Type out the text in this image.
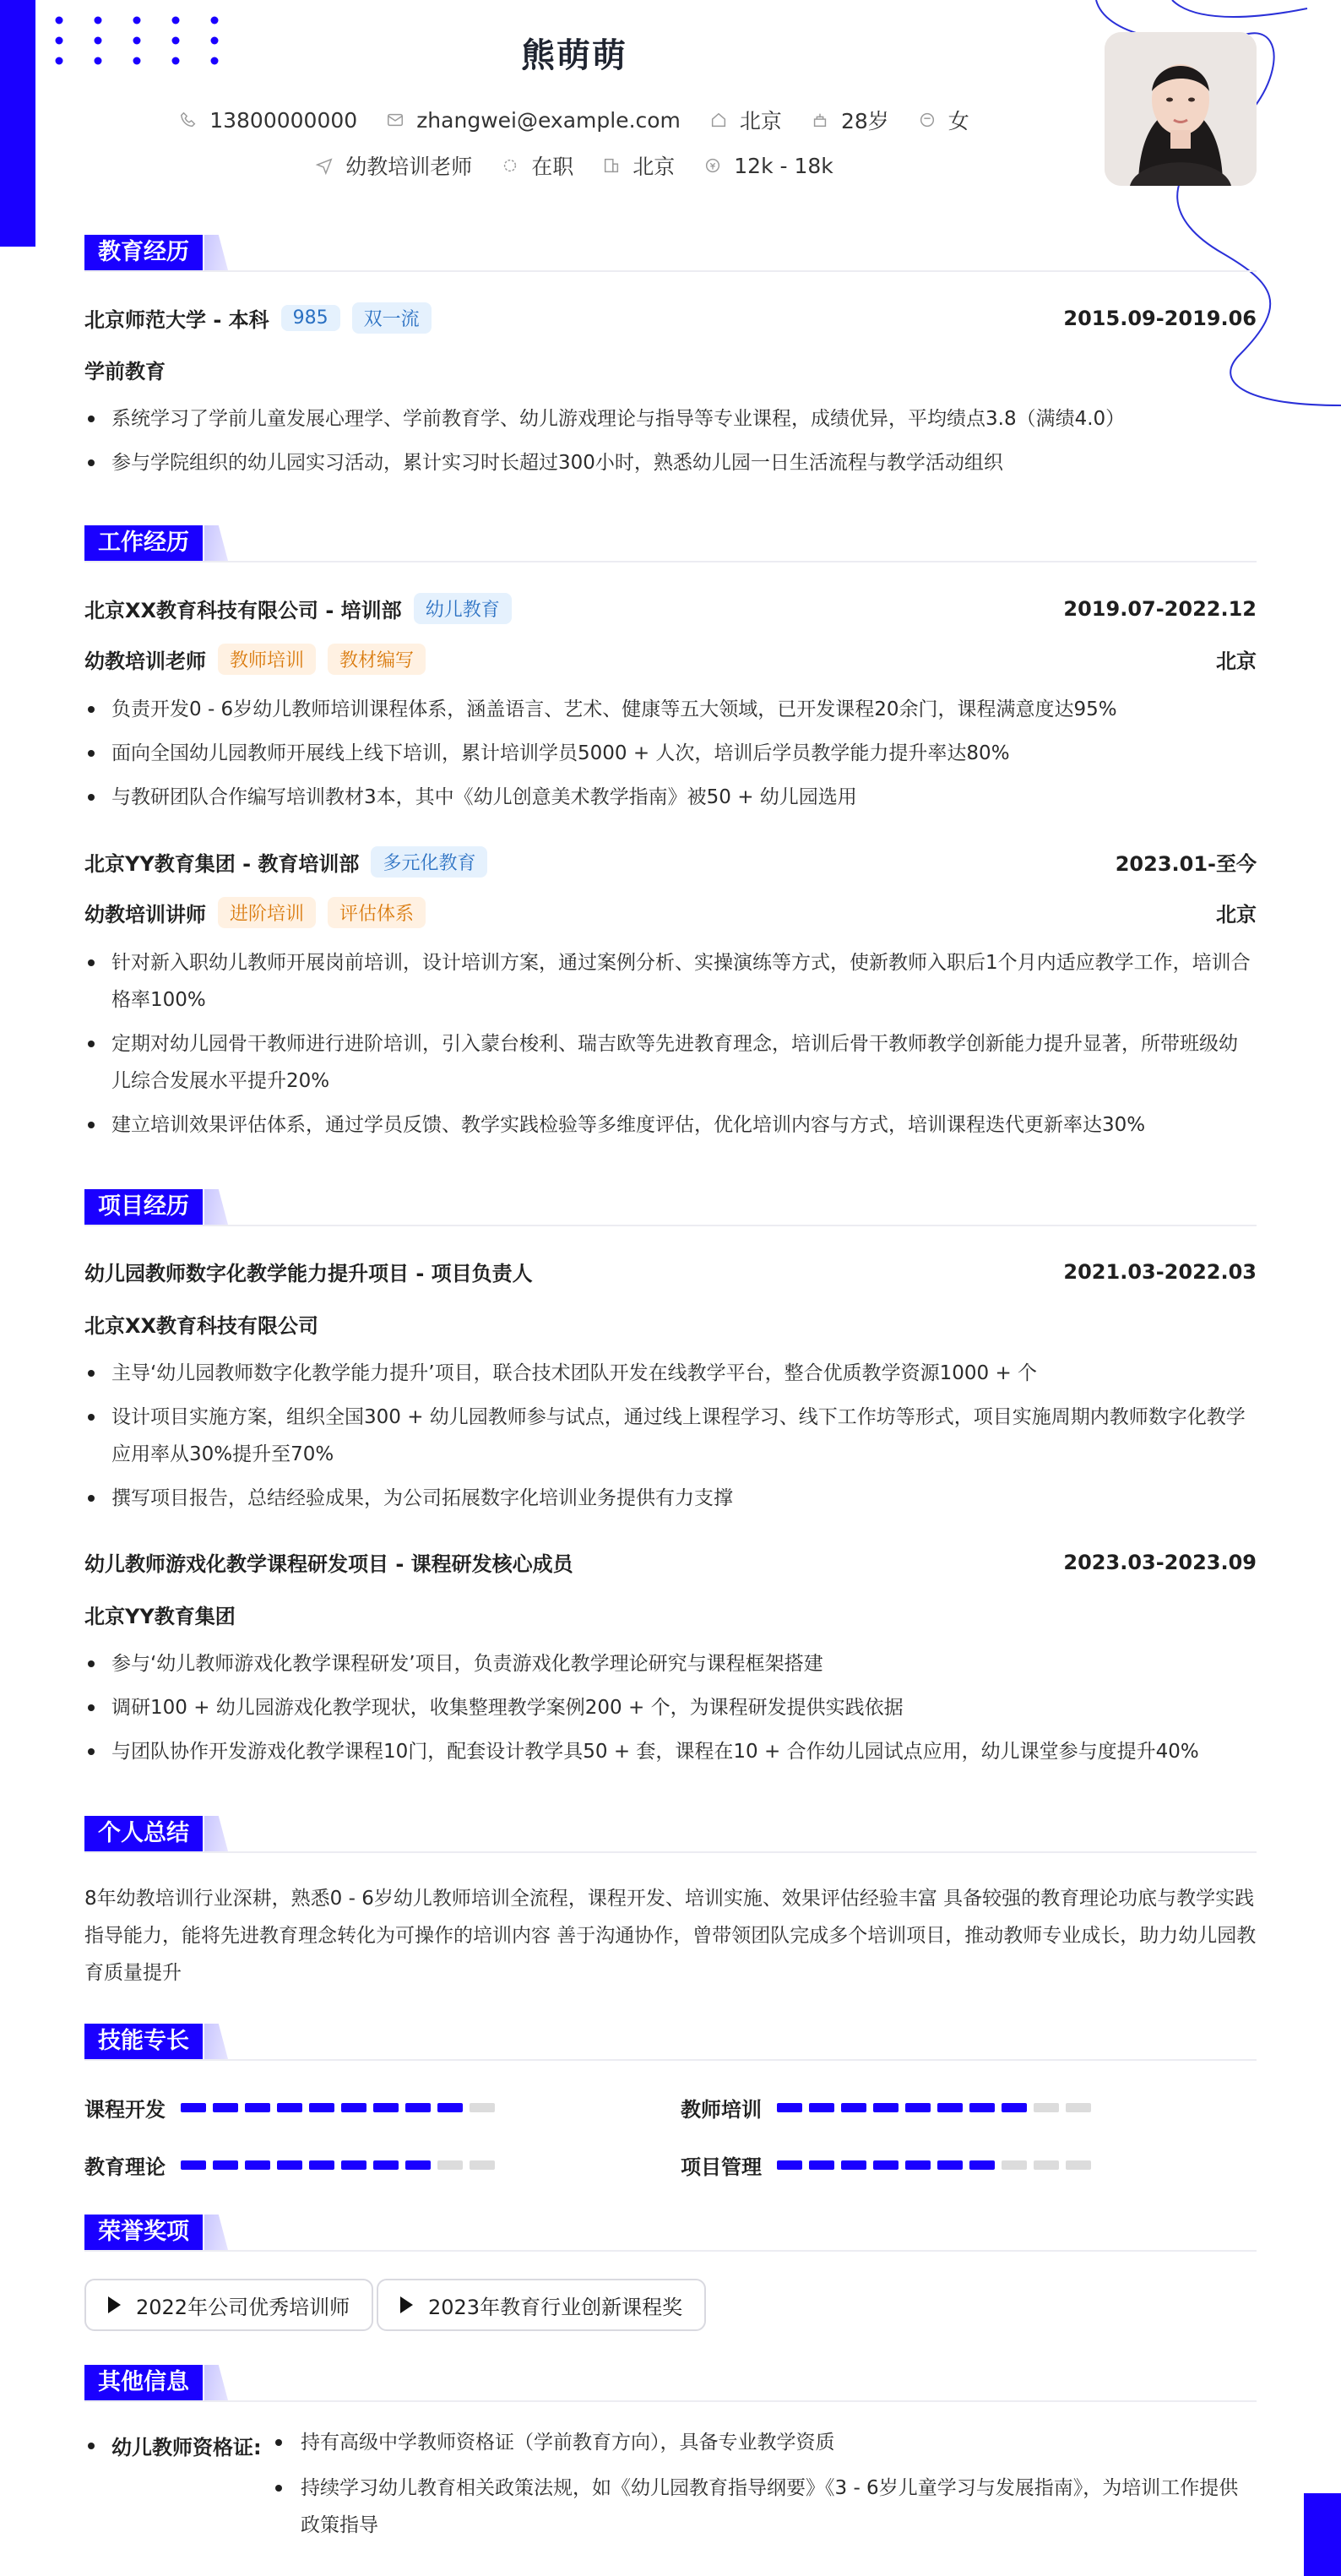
熊萌萌
13800000000	zhangwei@example.com	北京	28岁	女
幼教培训老师	在职	北京	12k - 18k
教育经历
北京师范大学 - 本科	985	双一流	2015.09-2019.06
学前教育
系统学习了学前儿童发展心理学、学前教育学、幼儿游戏理论与指导等专业课程，成绩优异，平均绩点3.8（满绩4.0）
参与学院组织的幼儿园实习活动，累计实习时长超过300小时，熟悉幼儿园一日生活流程与教学活动组织
工作经历
北京XX教育科技有限公司 - 培训部	幼儿教育	2019.07-2022.12
幼教培训老师	教师培训	教材编写	北京
负责开发0 - 6岁幼儿教师培训课程体系，涵盖语言、艺术、健康等五大领域，已开发课程20余门，课程满意度达95%
面向全国幼儿园教师开展线上线下培训，累计培训学员5000 + 人次，培训后学员教学能力提升率达80%
与教研团队合作编写培训教材3本，其中《幼儿创意美术教学指南》被50 + 幼儿园选用
北京YY教育集团 - 教育培训部	多元化教育	2023.01-至今
幼教培训讲师	进阶培训	评估体系	北京
针对新入职幼儿教师开展岗前培训，设计培训方案，通过案例分析、实操演练等方式，使新教师入职后1个月内适应教学工作，培训合格率100%
定期对幼儿园骨干教师进行进阶培训，引入蒙台梭利、瑞吉欧等先进教育理念，培训后骨干教师教学创新能力提升显著，所带班级幼儿综合发展水平提升20%
建立培训效果评估体系，通过学员反馈、教学实践检验等多维度评估，优化培训内容与方式，培训课程迭代更新率达30%
项目经历
幼儿园教师数字化教学能力提升项目 - 项目负责人	2021.03-2022.03
北京XX教育科技有限公司
主导‘幼儿园教师数字化教学能力提升’项目，联合技术团队开发在线教学平台，整合优质教学资源1000 + 个
设计项目实施方案，组织全国300 + 幼儿园教师参与试点，通过线上课程学习、线下工作坊等形式，项目实施周期内教师数字化教学应用率从30%提升至70%
撰写项目报告，总结经验成果，为公司拓展数字化培训业务提供有力支撑
幼儿教师游戏化教学课程研发项目 - 课程研发核心成员	2023.03-2023.09
北京YY教育集团
参与‘幼儿教师游戏化教学课程研发’项目，负责游戏化教学理论研究与课程框架搭建
调研100 + 幼儿园游戏化教学现状，收集整理教学案例200 + 个，为课程研发提供实践依据
与团队协作开发游戏化教学课程10门，配套设计教学具50 + 套，课程在10 + 合作幼儿园试点应用，幼儿课堂参与度提升40%
个人总结
8年幼教培训行业深耕，熟悉0 - 6岁幼儿教师培训全流程，课程开发、培训实施、效果评估经验丰富 具备较强的教育理论功底与教学实践指导能力，能将先进教育理念转化为可操作的培训内容 善于沟通协作，曾带领团队完成多个培训项目，推动教师专业成长，助力幼儿园教育质量提升
技能专长
课程开发	教师培训
教育理论	项目管理
荣誉奖项
2022年公司优秀培训师	2023年教育行业创新课程奖
其他信息
幼儿教师资格证:	持有高级中学教师资格证（学前教育方向），具备专业教学资质
持续学习幼儿教育相关政策法规，如《幼儿园教育指导纲要》《3 - 6岁儿童学习与发展指南》，为培训工作提供政策指导
